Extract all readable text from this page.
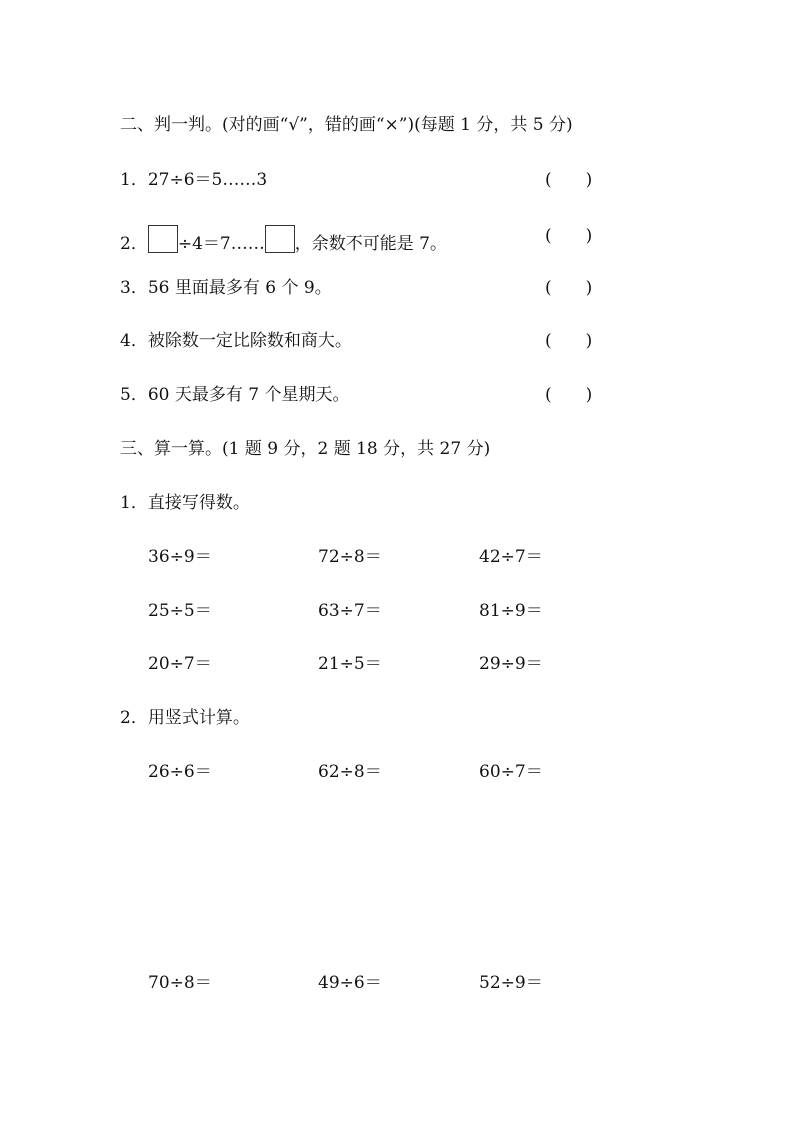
二、判一判。(对的画“√”，错的画“×”)(每题 1 分，共 5 分)
1．27÷6＝5……3	(　　)
2． ÷4＝7…… ，余数不可能是 7。	(　　)
3．56 里面最多有 6 个 9。	(　　)
4．被除数一定比除数和商大。	(　　)
5．60 天最多有 7 个星期天。	(　　)
三、算一算。(1 题 9 分，2 题 18 分，共 27 分)
1．直接写得数。
36÷9＝	72÷8＝	42÷7＝
25÷5＝	63÷7＝	81÷9＝
20÷7＝	21÷5＝	29÷9＝
2．用竖式计算。
26÷6＝	62÷8＝	60÷7＝
70÷8＝	49÷6＝	52÷9＝
